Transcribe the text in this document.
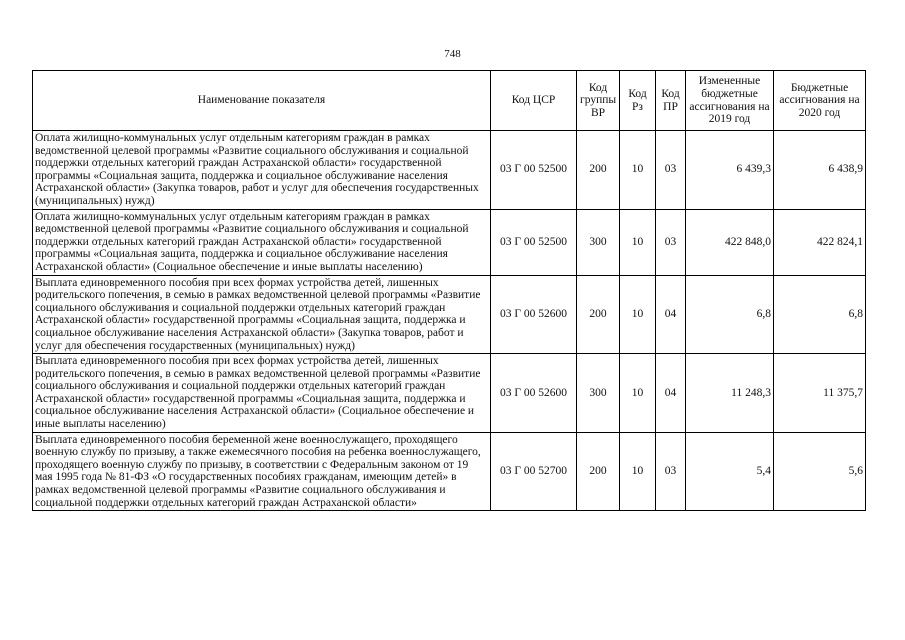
748
Наименование показателя	Код ЦСР	Код группы ВР	Код Рз	Код ПР	Измененные бюджетные ассигнования на 2019 год	Бюджетные ассигнования на 2020 год
Оплата жилищно-коммунальных услуг отдельным категориям граждан в рамках ведомственной целевой программы «Развитие социального обслуживания и социальной поддержки отдельных категорий граждан Астраханской области» государственной программы «Социальная защита, поддержка и социальное обслуживание населения Астраханской области» (Закупка товаров, работ и услуг для обеспечения государственных (муниципальных) нужд)	03 Г 00 52500	200	10	03	6 439,3	6 438,9
Оплата жилищно-коммунальных услуг отдельным категориям граждан в рамках ведомственной целевой программы «Развитие социального обслуживания и социальной поддержки отдельных категорий граждан Астраханской области» государственной программы «Социальная защита, поддержка и социальное обслуживание населения Астраханской области» (Социальное обеспечение и иные выплаты населению)	03 Г 00 52500	300	10	03	422 848,0	422 824,1
Выплата единовременного пособия при всех формах устройства детей, лишенных родительского попечения, в семью в рамках ведомственной целевой программы «Развитие социального обслуживания и социальной поддержки отдельных категорий граждан Астраханской области» государственной программы «Социальная защита, поддержка и социальное обслуживание населения Астраханской области» (Закупка товаров, работ и услуг для обеспечения государственных (муниципальных) нужд)	03 Г 00 52600	200	10	04	6,8	6,8
Выплата единовременного пособия при всех формах устройства детей, лишенных родительского попечения, в семью в рамках ведомственной целевой программы «Развитие социального обслуживания и социальной поддержки отдельных категорий граждан Астраханской области» государственной программы «Социальная защита, поддержка и социальное обслуживание населения Астраханской области» (Социальное обеспечение и иные выплаты населению)	03 Г 00 52600	300	10	04	11 248,3	11 375,7
Выплата единовременного пособия беременной жене военнослужащего, проходящего военную службу по призыву, а также ежемесячного пособия на ребенка военнослужащего, проходящего военную службу по призыву, в соответствии с Федеральным законом от 19 мая 1995 года № 81-ФЗ «О государственных пособиях гражданам, имеющим детей» в рамках ведомственной целевой программы «Развитие социального обслуживания и социальной поддержки отдельных категорий граждан Астраханской области»	03 Г 00 52700	200	10	03	5,4	5,6
